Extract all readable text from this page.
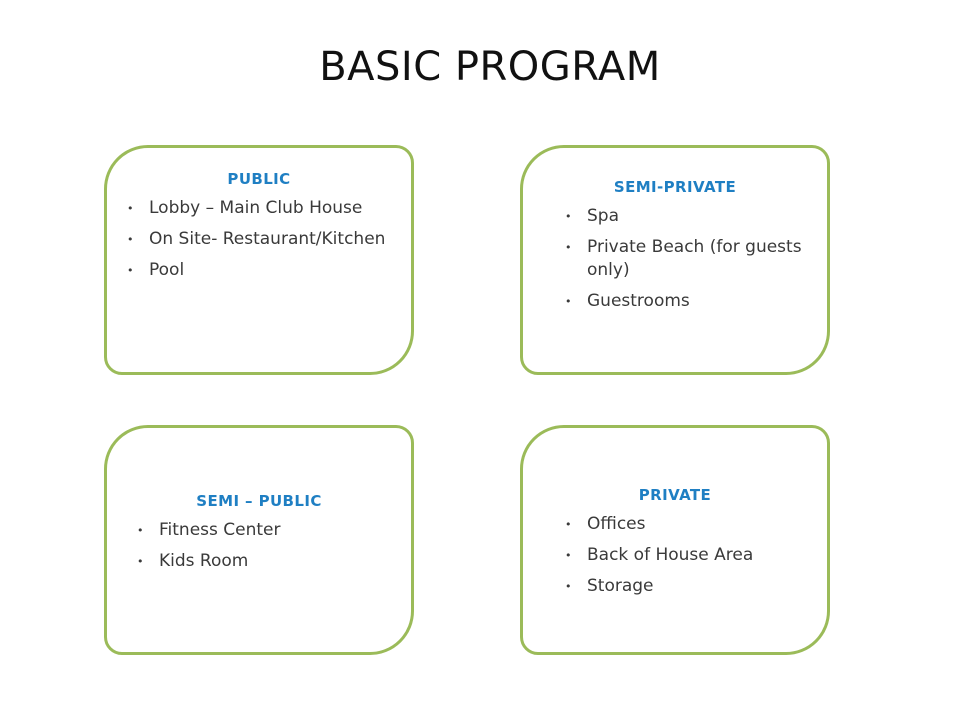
BASIC PROGRAM
PUBLIC
• Lobby – Main Club House
• On Site- Restaurant/Kitchen
• Pool
SEMI-PRIVATE
• Spa
• Private Beach (for guests only)
• Guestrooms
SEMI – PUBLIC
• Fitness Center
• Kids Room
PRIVATE
• Offices
• Back of House Area
• Storage
